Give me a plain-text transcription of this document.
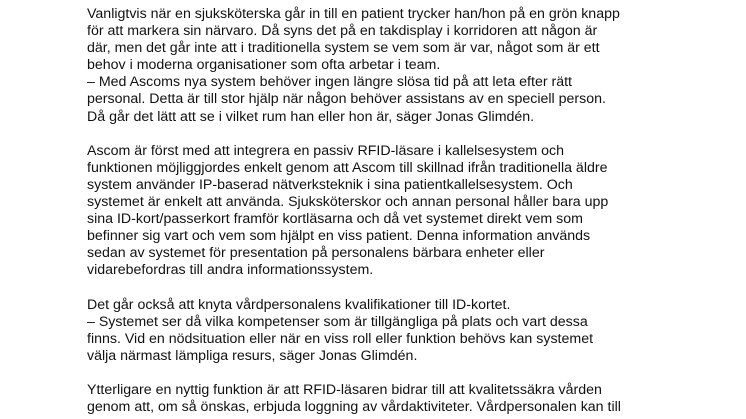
Vanligtvis när en sjuksköterska går in till en patient trycker han/hon på en grön knapp
för att markera sin närvaro. Då syns det på en takdisplay i korridoren att någon är
där, men det går inte att i traditionella system se vem som är var, något som är ett
behov i moderna organisationer som ofta arbetar i team.
– Med Ascoms nya system behöver ingen längre slösa tid på att leta efter rätt
personal. Detta är till stor hjälp när någon behöver assistans av en speciell person.
Då går det lätt att se i vilket rum han eller hon är, säger Jonas Glimdén.
Ascom är först med att integrera en passiv RFID-läsare i kallelsesystem och
funktionen möjliggjordes enkelt genom att Ascom till skillnad ifrån traditionella äldre
system använder IP-baserad nätverksteknik i sina patientkallelsesystem. Och
systemet är enkelt att använda. Sjuksköterskor och annan personal håller bara upp
sina ID-kort/passerkort framför kortläsarna och då vet systemet direkt vem som
befinner sig vart och vem som hjälpt en viss patient. Denna information används
sedan av systemet för presentation på personalens bärbara enheter eller
vidarebefordras till andra informationssystem.
Det går också att knyta vårdpersonalens kvalifikationer till ID-kortet.
– Systemet ser då vilka kompetenser som är tillgängliga på plats och vart dessa
finns. Vid en nödsituation eller när en viss roll eller funktion behövs kan systemet
välja närmast lämpliga resurs, säger Jonas Glimdén.
Ytterligare en nyttig funktion är att RFID-läsaren bidrar till att kvalitetssäkra vården
genom att, om så önskas, erbjuda loggning av vårdaktiviteter. Vårdpersonalen kan till
